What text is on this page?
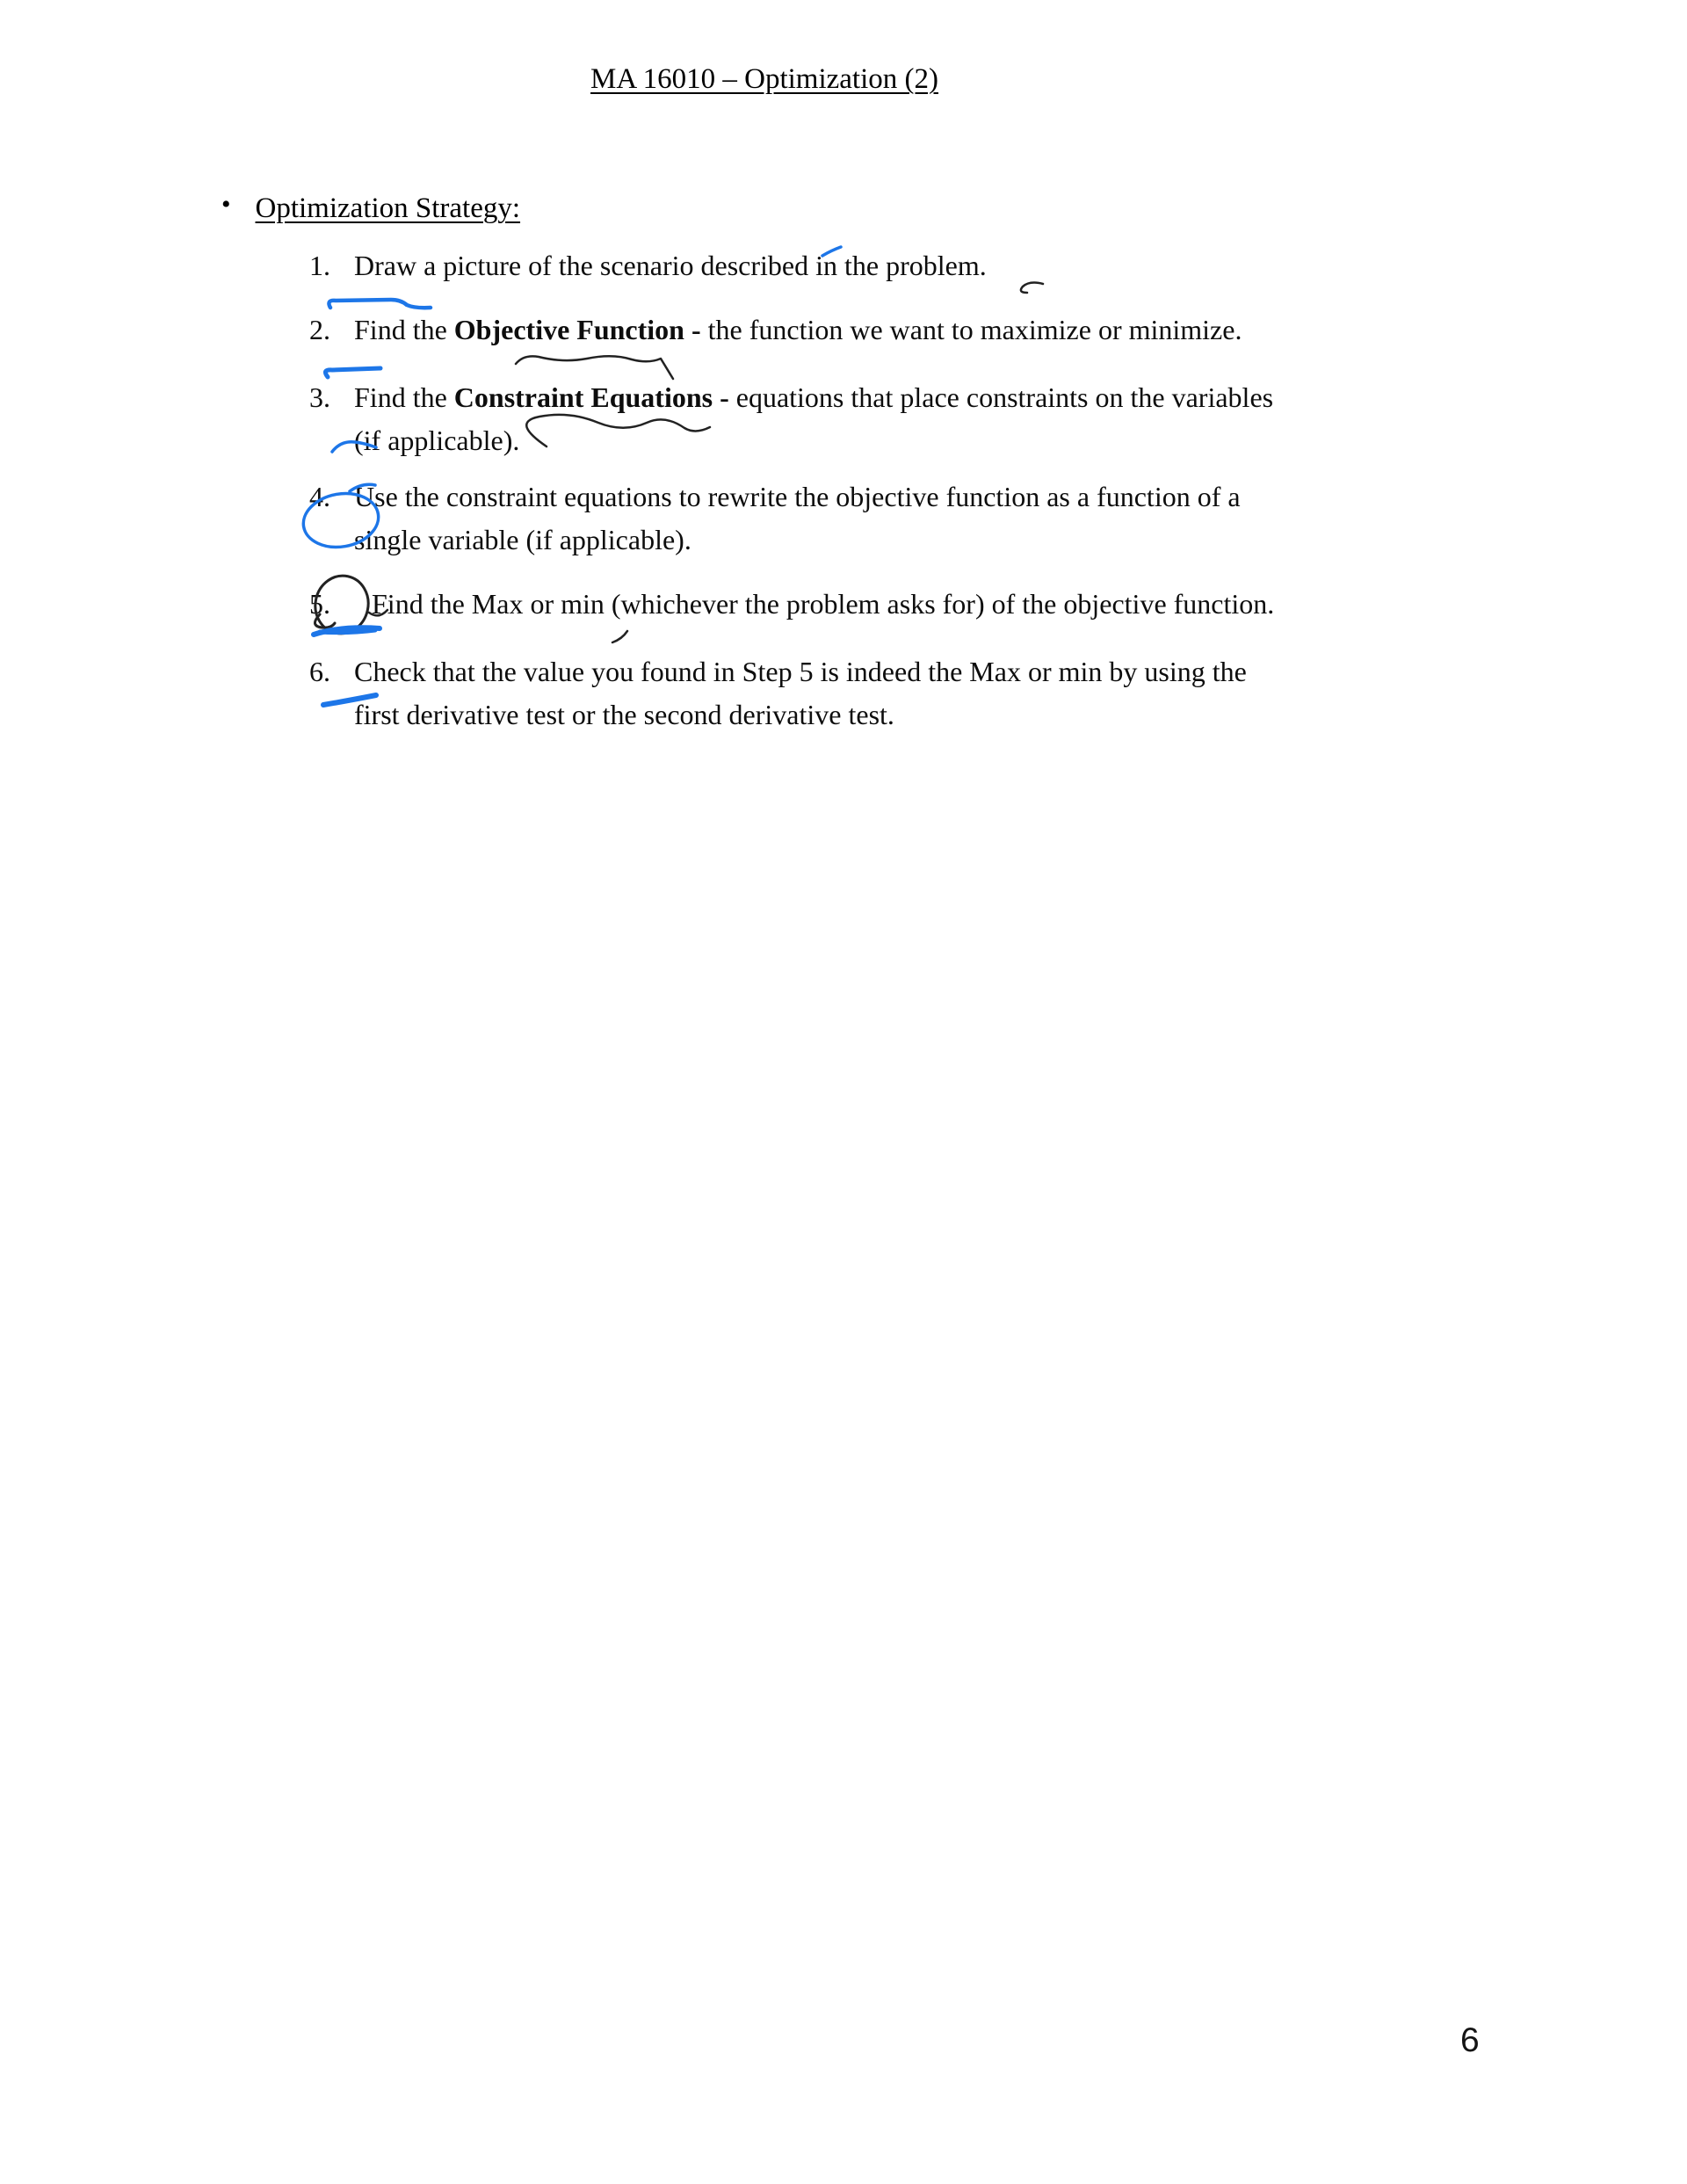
MA 16010 – Optimization (2)
• Optimization Strategy:
1. Draw a picture of the scenario described in the problem.
2. Find the Objective Function - the function we want to maximize or minimize.
3. Find the Constraint Equations - equations that place constraints on the variables
(if applicable).
4. Use the constraint equations to rewrite the objective function as a function of a
single variable (if applicable).
5.	Find the Max or min (whichever the problem asks for) of the objective function.
6. Check that the value you found in Step 5 is indeed the Max or min by using the
first derivative test or the second derivative test.
6
